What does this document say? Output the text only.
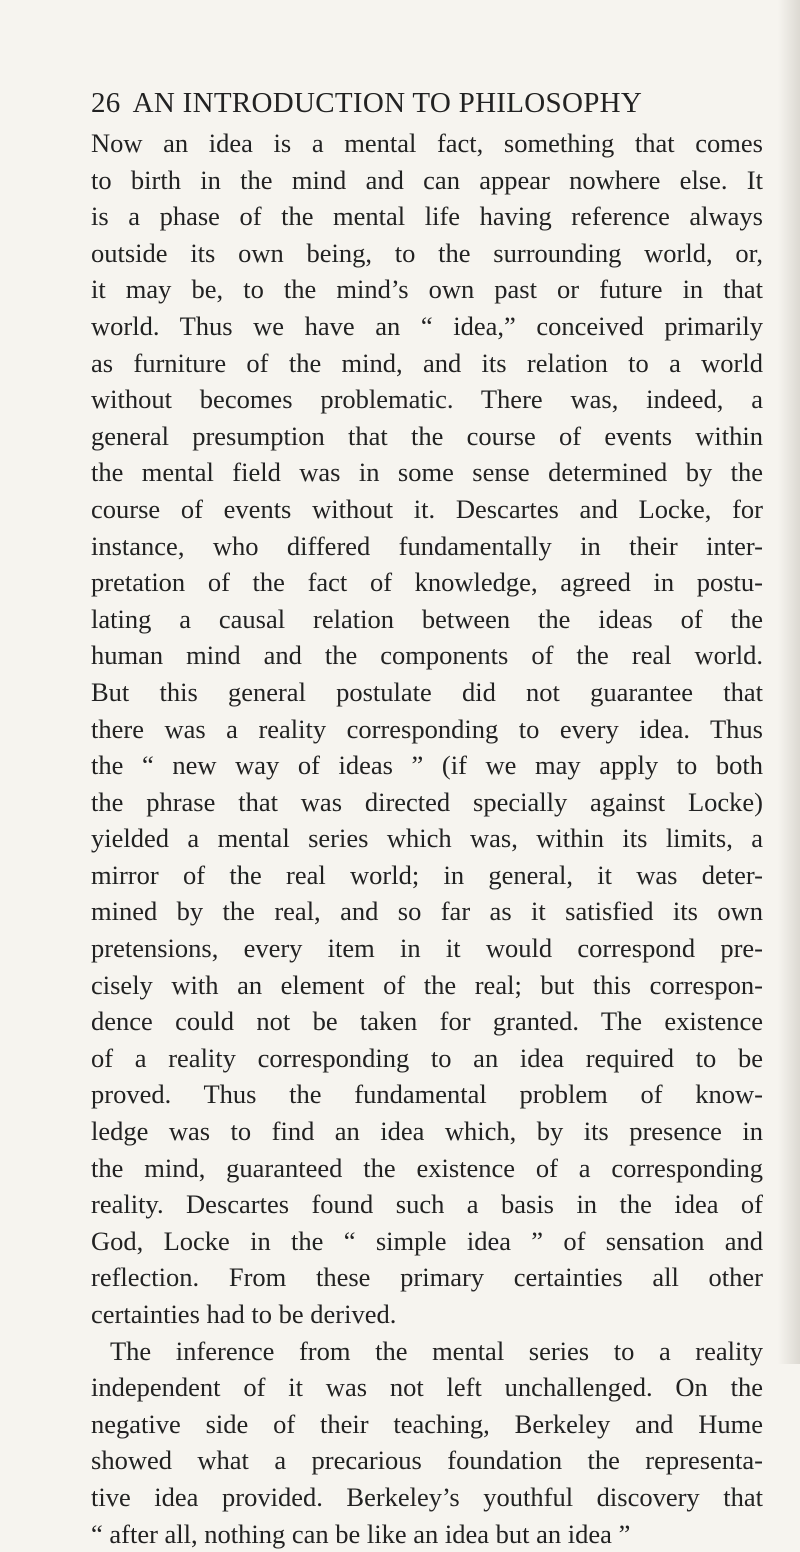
26 AN INTRODUCTION TO PHILOSOPHY
Now an idea is a mental fact, something that comes
to birth in the mind and can appear nowhere else. It
is a phase of the mental life having reference always
outside its own being, to the surrounding world, or,
it may be, to the mind’s own past or future in that
world. Thus we have an “ idea,” conceived primarily
as furniture of the mind, and its relation to a world
without becomes problematic. There was, indeed, a
general presumption that the course of events within
the mental field was in some sense determined by the
course of events without it. Descartes and Locke, for
instance, who differed fundamentally in their inter-
pretation of the fact of knowledge, agreed in postu-
lating a causal relation between the ideas of the
human mind and the components of the real world.
But this general postulate did not guarantee that
there was a reality corresponding to every idea. Thus
the “ new way of ideas ” (if we may apply to both
the phrase that was directed specially against Locke)
yielded a mental series which was, within its limits, a
mirror of the real world; in general, it was deter-
mined by the real, and so far as it satisfied its own
pretensions, every item in it would correspond pre-
cisely with an element of the real; but this correspon-
dence could not be taken for granted. The existence
of a reality corresponding to an idea required to be
proved. Thus the fundamental problem of know-
ledge was to find an idea which, by its presence in
the mind, guaranteed the existence of a corresponding
reality. Descartes found such a basis in the idea of
God, Locke in the “ simple idea ” of sensation and
reflection. From these primary certainties all other
certainties had to be derived.
The inference from the mental series to a reality
independent of it was not left unchallenged. On the
negative side of their teaching, Berkeley and Hume
showed what a precarious foundation the representa-
tive idea provided. Berkeley’s youthful discovery that
“ after all, nothing can be like an idea but an idea ”
